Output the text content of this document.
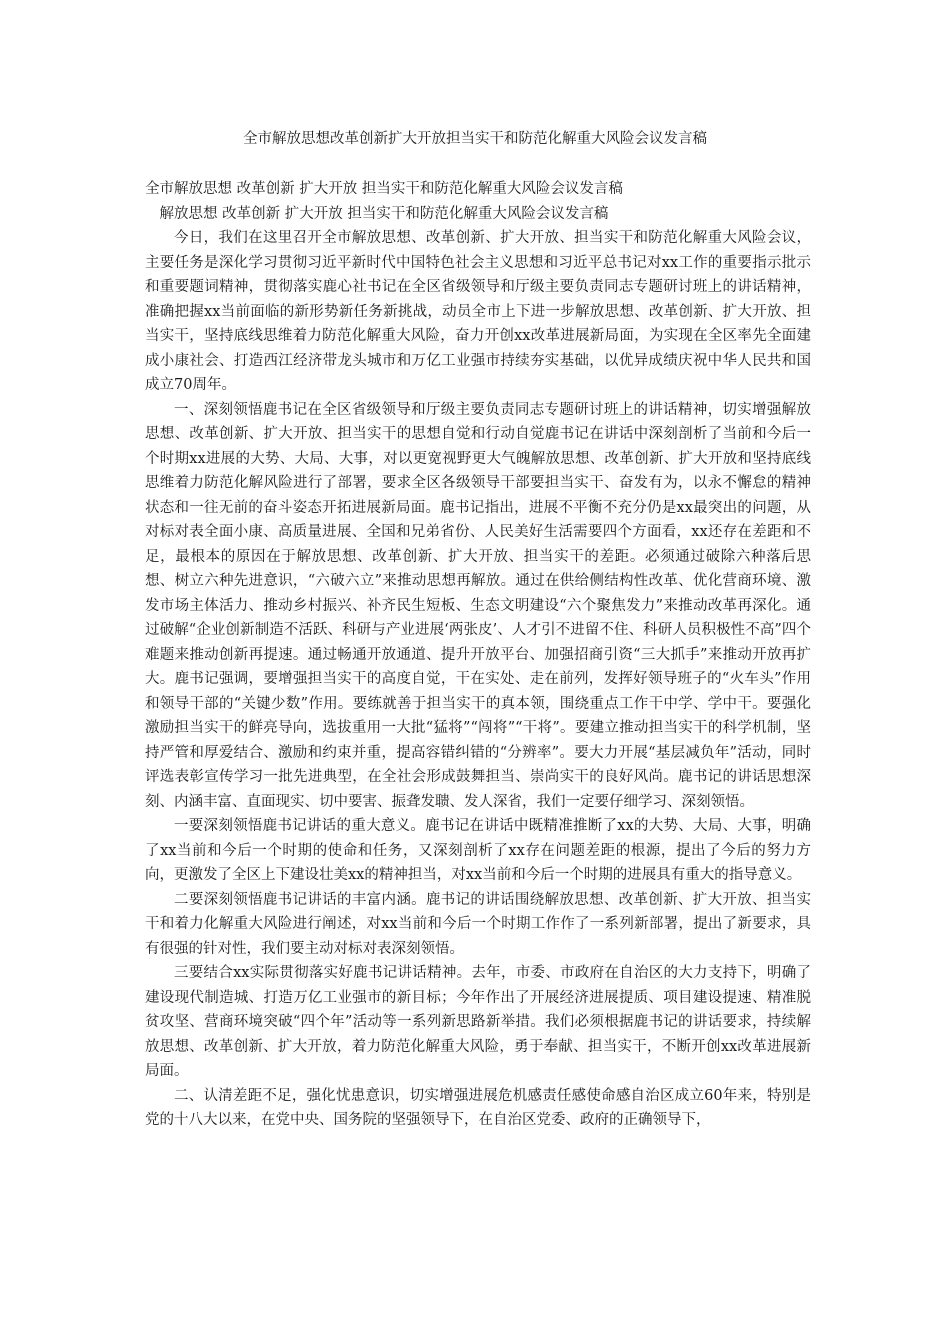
全市解放思想改革创新扩大开放担当实干和防范化解重大风险会议发言稿

全市解放思想 改革创新 扩大开放 担当实干和防范化解重大风险会议发言稿

解放思想 改革创新 扩大开放 担当实干和防范化解重大风险会议发言稿

今日，我们在这里召开全市解放思想、改革创新、扩大开放、担当实干和防范化解重大风险会议，主要任务是深化学习贯彻习近平新时代中国特色社会主义思想和习近平总书记对xx工作的重要指示批示和重要题词精神，贯彻落实鹿心社书记在全区省级领导和厅级主要负责同志专题研讨班上的讲话精神，准确把握xx当前面临的新形势新任务新挑战，动员全市上下进一步解放思想、改革创新、扩大开放、担当实干，坚持底线思维着力防范化解重大风险，奋力开创xx改革进展新局面，为实现在全区率先全面建成小康社会、打造西江经济带龙头城市和万亿工业强市持续夯实基础，以优异成绩庆祝中华人民共和国成立70周年。

一、深刻领悟鹿书记在全区省级领导和厅级主要负责同志专题研讨班上的讲话精神，切实增强解放思想、改革创新、扩大开放、担当实干的思想自觉和行动自觉鹿书记在讲话中深刻剖析了当前和今后一个时期xx进展的大势、大局、大事，对以更宽视野更大气魄解放思想、改革创新、扩大开放和坚持底线思维着力防范化解风险进行了部署，要求全区各级领导干部要担当实干、奋发有为，以永不懈怠的精神状态和一往无前的奋斗姿态开拓进展新局面。鹿书记指出，进展不平衡不充分仍是xx最突出的问题，从对标对表全面小康、高质量进展、全国和兄弟省份、人民美好生活需要四个方面看，xx还存在差距和不足，最根本的原因在于解放思想、改革创新、扩大开放、担当实干的差距。必须通过破除六种落后思想、树立六种先进意识，“六破六立”来推动思想再解放。通过在供给侧结构性改革、优化营商环境、激发市场主体活力、推动乡村振兴、补齐民生短板、生态文明建设“六个聚焦发力”来推动改革再深化。通过破解“企业创新制造不活跃、科研与产业进展‘两张皮’、人才引不进留不住、科研人员积极性不高”四个难题来推动创新再提速。通过畅通开放通道、提升开放平台、加强招商引资“三大抓手”来推动开放再扩大。鹿书记强调，要增强担当实干的高度自觉，干在实处、走在前列，发挥好领导班子的“火车头”作用和领导干部的“关键少数”作用。要练就善于担当实干的真本领，围绕重点工作干中学、学中干。要强化激励担当实干的鲜亮导向，选拔重用一大批“猛将”“闯将”“干将”。要建立推动担当实干的科学机制，坚持严管和厚爱结合、激励和约束并重，提高容错纠错的“分辨率”。要大力开展“基层减负年”活动，同时评选表彰宣传学习一批先进典型，在全社会形成鼓舞担当、崇尚实干的良好风尚。鹿书记的讲话思想深刻、内涵丰富、直面现实、切中要害、振聋发聩、发人深省，我们一定要仔细学习、深刻领悟。

一要深刻领悟鹿书记讲话的重大意义。鹿书记在讲话中既精准推断了xx的大势、大局、大事，明确了xx当前和今后一个时期的使命和任务，又深刻剖析了xx存在问题差距的根源，提出了今后的努力方向，更激发了全区上下建设壮美xx的精神担当，对xx当前和今后一个时期的进展具有重大的指导意义。

二要深刻领悟鹿书记讲话的丰富内涵。鹿书记的讲话围绕解放思想、改革创新、扩大开放、担当实干和着力化解重大风险进行阐述，对xx当前和今后一个时期工作作了一系列新部署，提出了新要求，具有很强的针对性，我们要主动对标对表深刻领悟。

三要结合xx实际贯彻落实好鹿书记讲话精神。去年，市委、市政府在自治区的大力支持下，明确了建设现代制造城、打造万亿工业强市的新目标；今年作出了开展经济进展提质、项目建设提速、精准脱贫攻坚、营商环境突破“四个年”活动等一系列新思路新举措。我们必须根据鹿书记的讲话要求，持续解放思想、改革创新、扩大开放，着力防范化解重大风险，勇于奉献、担当实干，不断开创xx改革进展新局面。

二、认清差距不足，强化忧患意识，切实增强进展危机感责任感使命感自治区成立60年来，特别是党的十八大以来，在党中央、国务院的坚强领导下，在自治区党委、政府的正确领导下，
